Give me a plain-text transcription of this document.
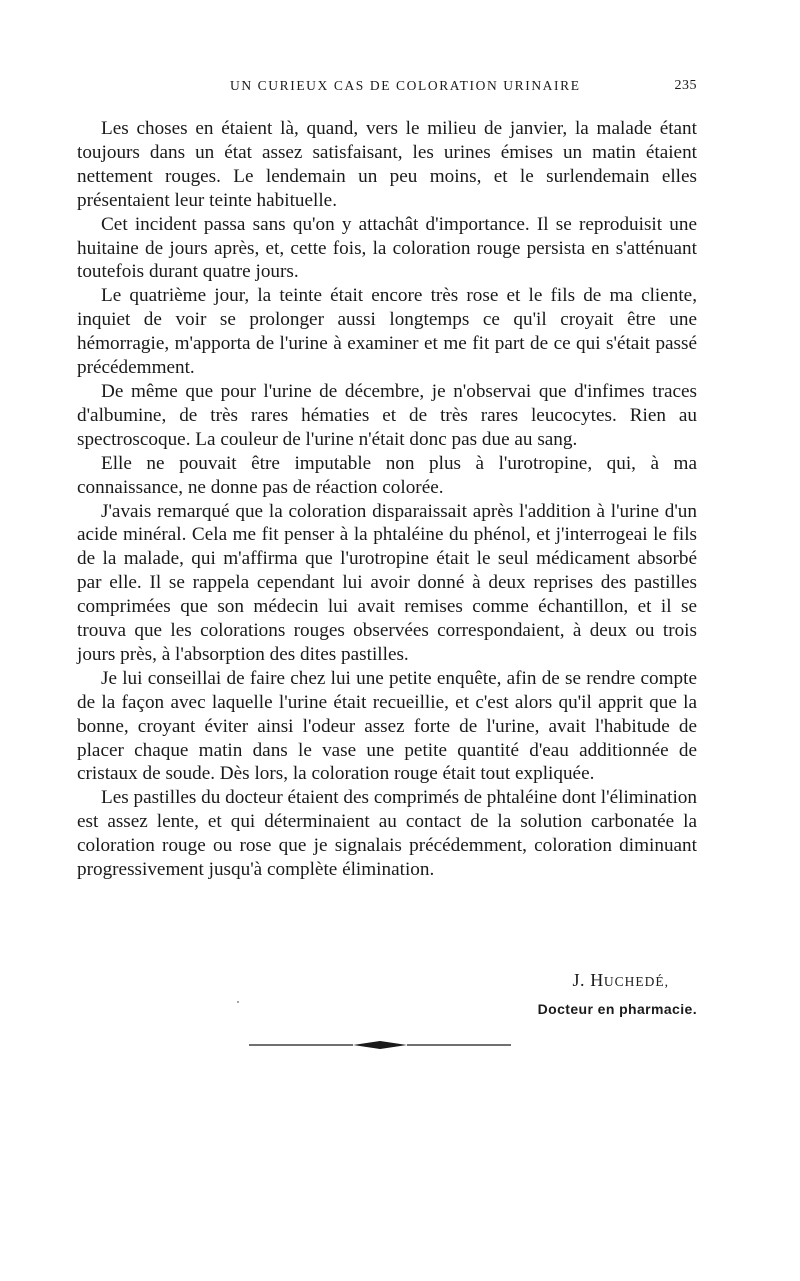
UN CURIEUX CAS DE COLORATION URINAIRE	235

Les choses en étaient là, quand, vers le milieu de janvier, la malade étant toujours dans un état assez satisfaisant, les urines émises un matin étaient nettement rouges. Le lendemain un peu moins, et le surlendemain elles présentaient leur teinte habituelle.

Cet incident passa sans qu'on y attachât d'importance. Il se reproduisit une huitaine de jours après, et, cette fois, la coloration rouge persista en s'atténuant toutefois durant quatre jours.

Le quatrième jour, la teinte était encore très rose et le fils de ma cliente, inquiet de voir se prolonger aussi longtemps ce qu'il croyait être une hémorragie, m'apporta de l'urine à examiner et me fit part de ce qui s'était passé précédemment.

De même que pour l'urine de décembre, je n'observai que d'infimes traces d'albumine, de très rares hématies et de très rares leucocytes. Rien au spectroscoque. La couleur de l'urine n'était donc pas due au sang.

Elle ne pouvait être imputable non plus à l'urotropine, qui, à ma connaissance, ne donne pas de réaction colorée.

J'avais remarqué que la coloration disparaissait après l'addition à l'urine d'un acide minéral. Cela me fit penser à la phtaléine du phénol, et j'interrogeai le fils de la malade, qui m'affirma que l'urotropine était le seul médicament absorbé par elle. Il se rappela cependant lui avoir donné à deux reprises des pastilles comprimées que son médecin lui avait remises comme échantillon, et il se trouva que les colorations rouges observées correspondaient, à deux ou trois jours près, à l'absorption des dites pastilles.

Je lui conseillai de faire chez lui une petite enquête, afin de se rendre compte de la façon avec laquelle l'urine était recueillie, et c'est alors qu'il apprit que la bonne, croyant éviter ainsi l'odeur assez forte de l'urine, avait l'habitude de placer chaque matin dans le vase une petite quantité d'eau additionnée de cristaux de soude. Dès lors, la coloration rouge était tout expliquée.

Les pastilles du docteur étaient des comprimés de phtaléine dont l'élimination est assez lente, et qui déterminaient au contact de la solution carbonatée la coloration rouge ou rose que je signalais précédemment, coloration diminuant progressivement jusqu'à complète élimination.

J. HUCHEDÉ,
Docteur en pharmacie.
